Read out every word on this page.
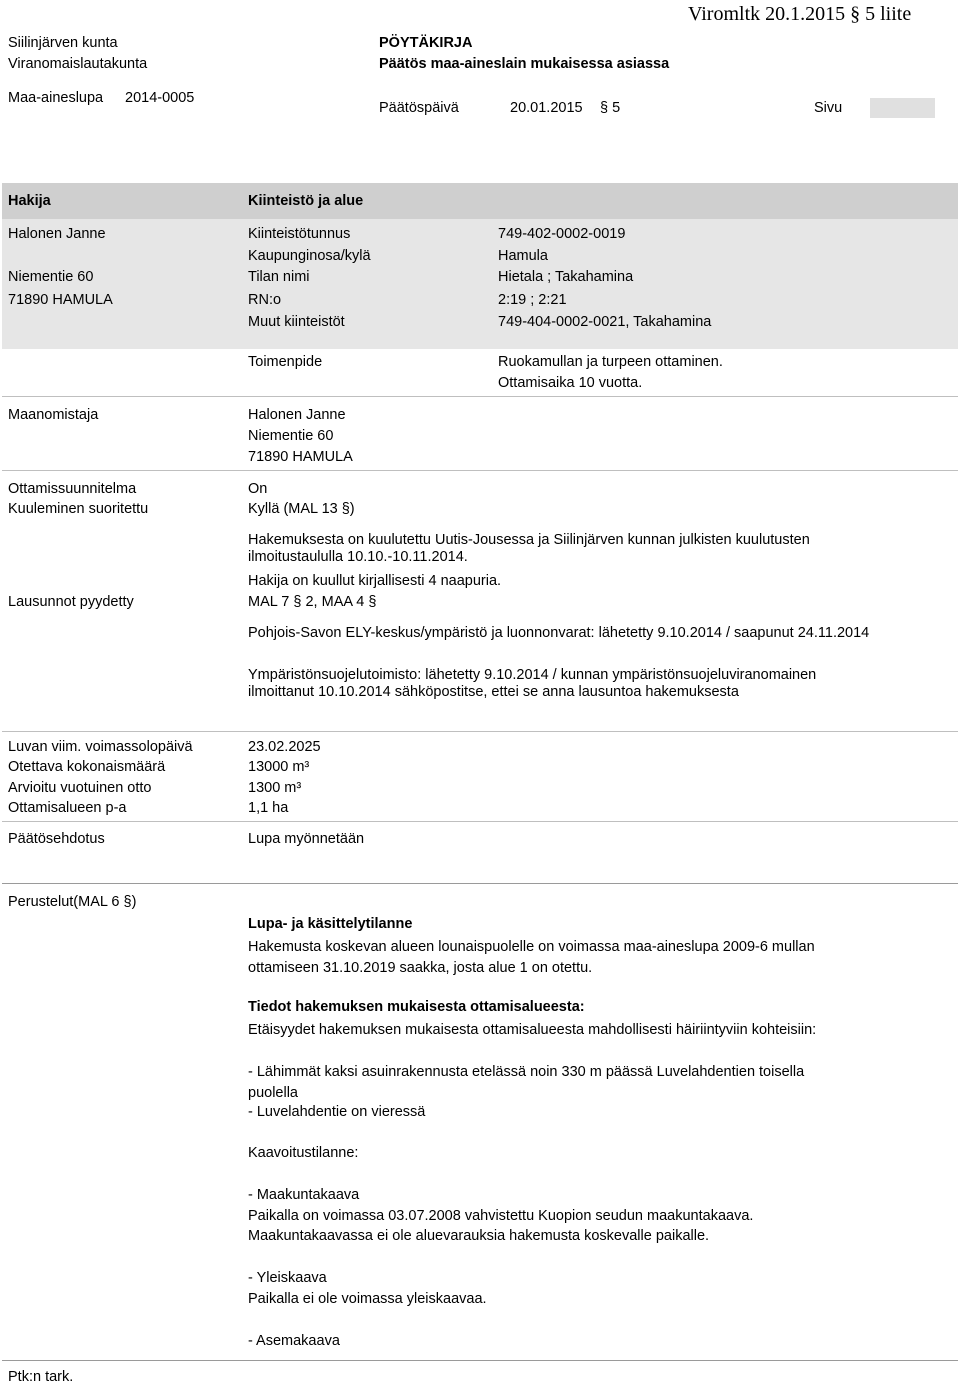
Viromltk 20.1.2015 § 5 liite
Siilinjärven kunta
Viranomaislautakunta
Maa-aineslupa 2014-0005
PÖYTÄKIRJA
Päätös maa-aineslain mukaisessa asiassa
Päätöspäivä	20.01.2015 § 5	Sivu
Hakija	Kiinteistö ja alue
Halonen Janne
Niementie 60
71890 HAMULA
Kiinteistötunnus	749-402-0002-0019
Kaupunginosa/kylä	Hamula
Tilan nimi	Hietala ; Takahamina
RN:o	2:19 ; 2:21
Muut kiinteistöt	749-404-0002-0021, Takahamina
Toimenpide	Ruokamullan ja turpeen ottaminen.
Ottamisaika 10 vuotta.
Maanomistaja	Halonen Janne
Niementie 60
71890 HAMULA
Ottamissuunnitelma	On
Kuuleminen suoritettu	Kyllä (MAL 13 §)
Hakemuksesta on kuulutettu Uutis-Jousessa ja Siilinjärven kunnan julkisten kuulutusten ilmoitustaululla 10.10.-10.11.2014.
Hakija on kuullut kirjallisesti 4 naapuria.
Lausunnot pyydetty	MAL 7 § 2, MAA 4 §
Pohjois-Savon ELY-keskus/ympäristö ja luonnonvarat: lähetetty 9.10.2014 / saapunut 24.11.2014
Ympäristönsuojelutoimisto: lähetetty 9.10.2014 / kunnan ympäristönsuojeluviranomainen ilmoittanut 10.10.2014 sähköpostitse, ettei se anna lausuntoa hakemuksesta
Luvan viim. voimassolopäivä	23.02.2025
Otettava kokonaismäärä	13000 m³
Arvioitu vuotuinen otto	1300 m³
Ottamisalueen p-a	1,1 ha
Päätösehdotus	Lupa myönnetään
Perustelut(MAL 6 §)
Lupa- ja käsittelytilanne
Hakemusta koskevan alueen lounaispuolelle on voimassa maa-aineslupa 2009-6 mullan ottamiseen 31.10.2019 saakka, josta alue 1 on otettu.
Tiedot hakemuksen mukaisesta ottamisalueesta:
Etäisyydet hakemuksen mukaisesta ottamisalueesta mahdollisesti häiriintyviin kohteisiin:
- Lähimmät kaksi asuinrakennusta etelässä noin 330 m päässä Luvelahdentien toisella puolella
- Luvelahdentie on vieressä
Kaavoitustilanne:
- Maakuntakaava
Paikalla on voimassa 03.07.2008 vahvistettu Kuopion seudun maakuntakaava.
Maakuntakaavassa ei ole aluevarauksia hakemusta koskevalle paikalle.
- Yleiskaava
Paikalla ei ole voimassa yleiskaavaa.
- Asemakaava
Ptk:n tark.
